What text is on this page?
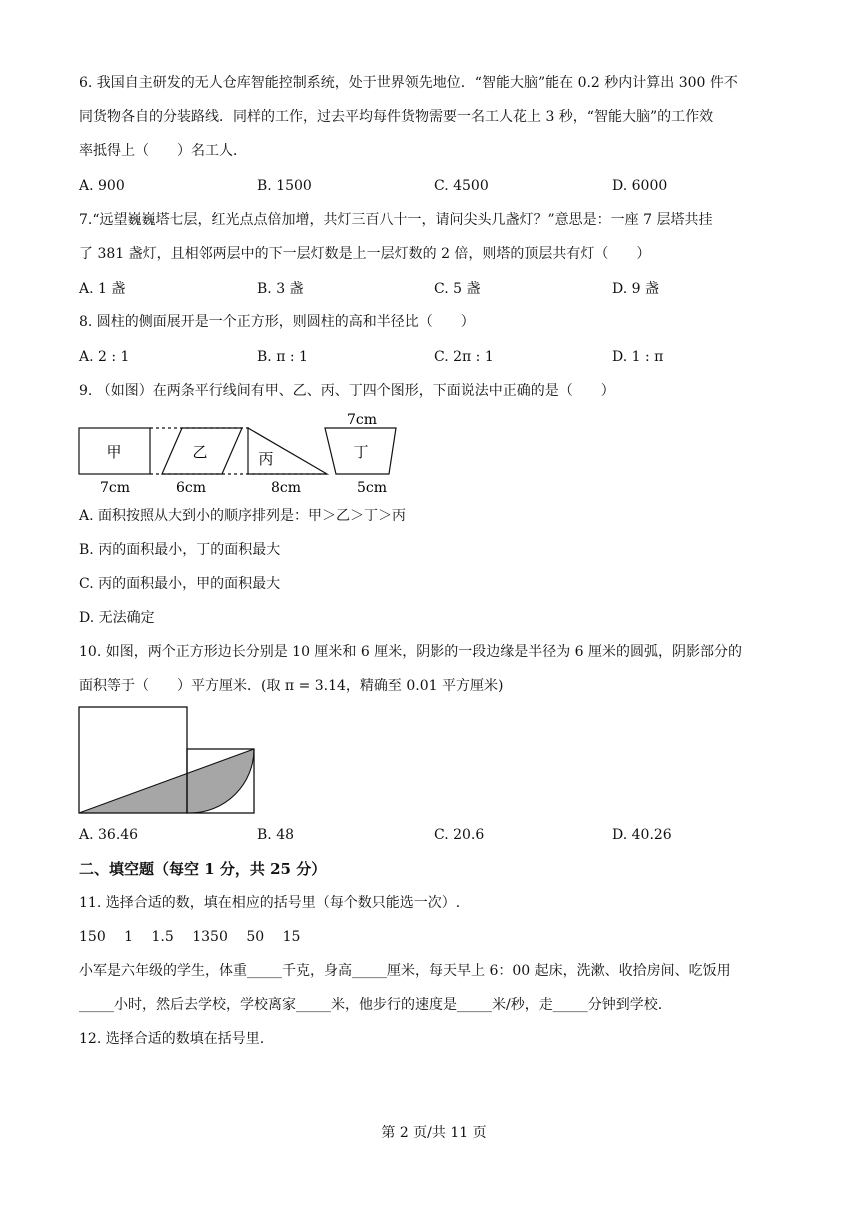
6. 我国自主研发的无人仓库智能控制系统，处于世界领先地位．“智能大脑”能在 0.2 秒内计算出 300 件不
同货物各自的分装路线．同样的工作，过去平均每件货物需要一名工人花上 3 秒，“智能大脑”的工作效
率抵得上（　　）名工人．
A. 900	B. 1500	C. 4500	D. 6000
7.“远望巍巍塔七层，红光点点倍加增，共灯三百八十一，请问尖头几盏灯？”意思是：一座 7 层塔共挂
了 381 盏灯，且相邻两层中的下一层灯数是上一层灯数的 2 倍，则塔的顶层共有灯（　　）
A. 1 盏	B. 3 盏	C. 5 盏	D. 9 盏
8. 圆柱的侧面展开是一个正方形，则圆柱的高和半径比（　　）
A. 2 : 1	B. π : 1	C. 2π : 1	D. 1 : π
9. （如图）在两条平行线间有甲、乙、丙、丁四个图形，下面说法中正确的是（　　）
7cm
甲	乙	丙	丁
7cm	6cm	8cm	5cm
A. 面积按照从大到小的顺序排列是：甲＞乙＞丁＞丙
B. 丙的面积最小，丁的面积最大
C. 丙的面积最小，甲的面积最大
D. 无法确定
10. 如图，两个正方形边长分别是 10 厘米和 6 厘米，阴影的一段边缘是半径为 6 厘米的圆弧，阴影部分的
面积等于（　　）平方厘米．(取 π = 3.14，精确至 0.01 平方厘米)
A. 36.46	B. 48	C. 20.6	D. 40.26
二、填空题（每空 1 分，共 25 分）
11. 选择合适的数，填在相应的括号里（每个数只能选一次）.
150　 1　 1.5　 1350　 50　 15
小军是六年级的学生，体重_____千克，身高_____厘米，每天早上 6：00 起床，洗漱、收拾房间、吃饭用
_____小时，然后去学校，学校离家_____米，他步行的速度是_____米/秒，走_____分钟到学校.
12. 选择合适的数填在括号里.
第 2 页/共 11 页
